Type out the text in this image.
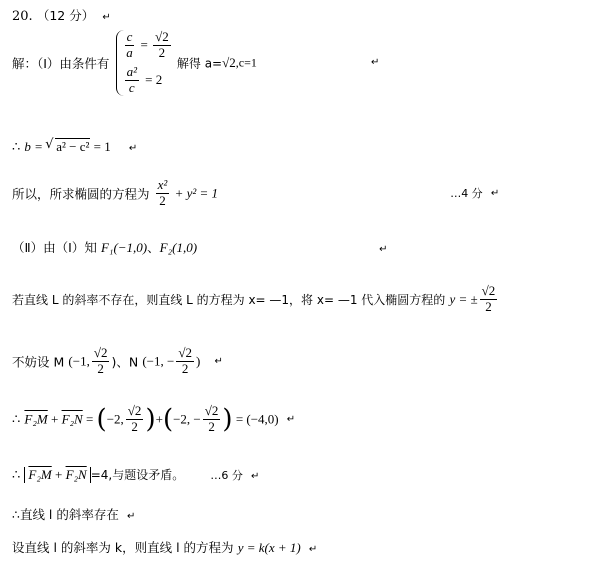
20. （12 分） ↵
解：（Ⅰ）由条件有
$\frac{c}{a} = \frac{√2}{2}$
$\frac{\text{a²}}{c} = 2$
解得 a=√2,c=1	↵
∴ b = √ a² − c² = 1 ↵
所以，所求椭圆的方程为 $\frac{\text{x²}}{2} + y^2 = 1$	…4 分 ↵
（Ⅱ）由（Ⅰ）知 F₁(−1,0)、F₂(1,0)	↵
若直线 L 的斜率不存在，则直线 L 的方程为 x= —1，将 x= —1 代入椭圆方程的 y = ± $\frac{√2}{2}$
不妨设 M (−1, $\frac{√2}{2}$ )、N (−1, − $\frac{√2}{2}$ ) ↵
∴ F₂M + F₂N = (−2, $\frac{√2}{2} )+(-2$, − $\frac{√2}{2}$ ) = (−4,0) ↵
∴ F₂M + F₂N =4,与题设矛盾。 …6 分 ↵
∴直线 l 的斜率存在 ↵
设直线 l 的斜率为 k，则直线 l 的方程为 y = k(x + 1) ↵
